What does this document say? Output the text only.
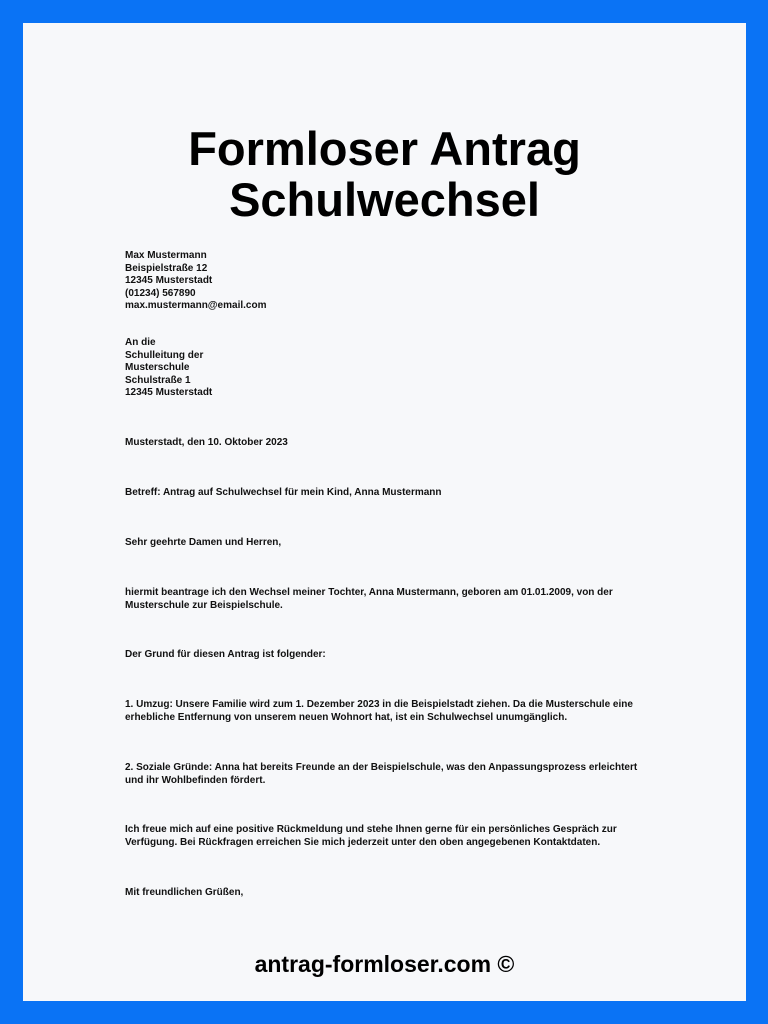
Formloser Antrag
Schulwechsel
Max Mustermann
Beispielstraße 12
12345 Musterstadt
(01234) 567890
max.mustermann@email.com
An die
Schulleitung der
Musterschule
Schulstraße 1
12345 Musterstadt

Musterstadt, den 10. Oktober 2023

Betreff: Antrag auf Schulwechsel für mein Kind, Anna Mustermann

Sehr geehrte Damen und Herren,

hiermit beantrage ich den Wechsel meiner Tochter, Anna Mustermann, geboren am 01.01.2009, von der Musterschule zur Beispielschule.

Der Grund für diesen Antrag ist folgender:

1. Umzug: Unsere Familie wird zum 1. Dezember 2023 in die Beispielstadt ziehen. Da die Musterschule eine erhebliche Entfernung von unserem neuen Wohnort hat, ist ein Schulwechsel unumgänglich.

2. Soziale Gründe: Anna hat bereits Freunde an der Beispielschule, was den Anpassungsprozess erleichtert und ihr Wohlbefinden fördert.

Ich freue mich auf eine positive Rückmeldung und stehe Ihnen gerne für ein persönliches Gespräch zur Verfügung. Bei Rückfragen erreichen Sie mich jederzeit unter den oben angegebenen Kontaktdaten.

Mit freundlichen Grüßen,

antrag-formloser.com ©
